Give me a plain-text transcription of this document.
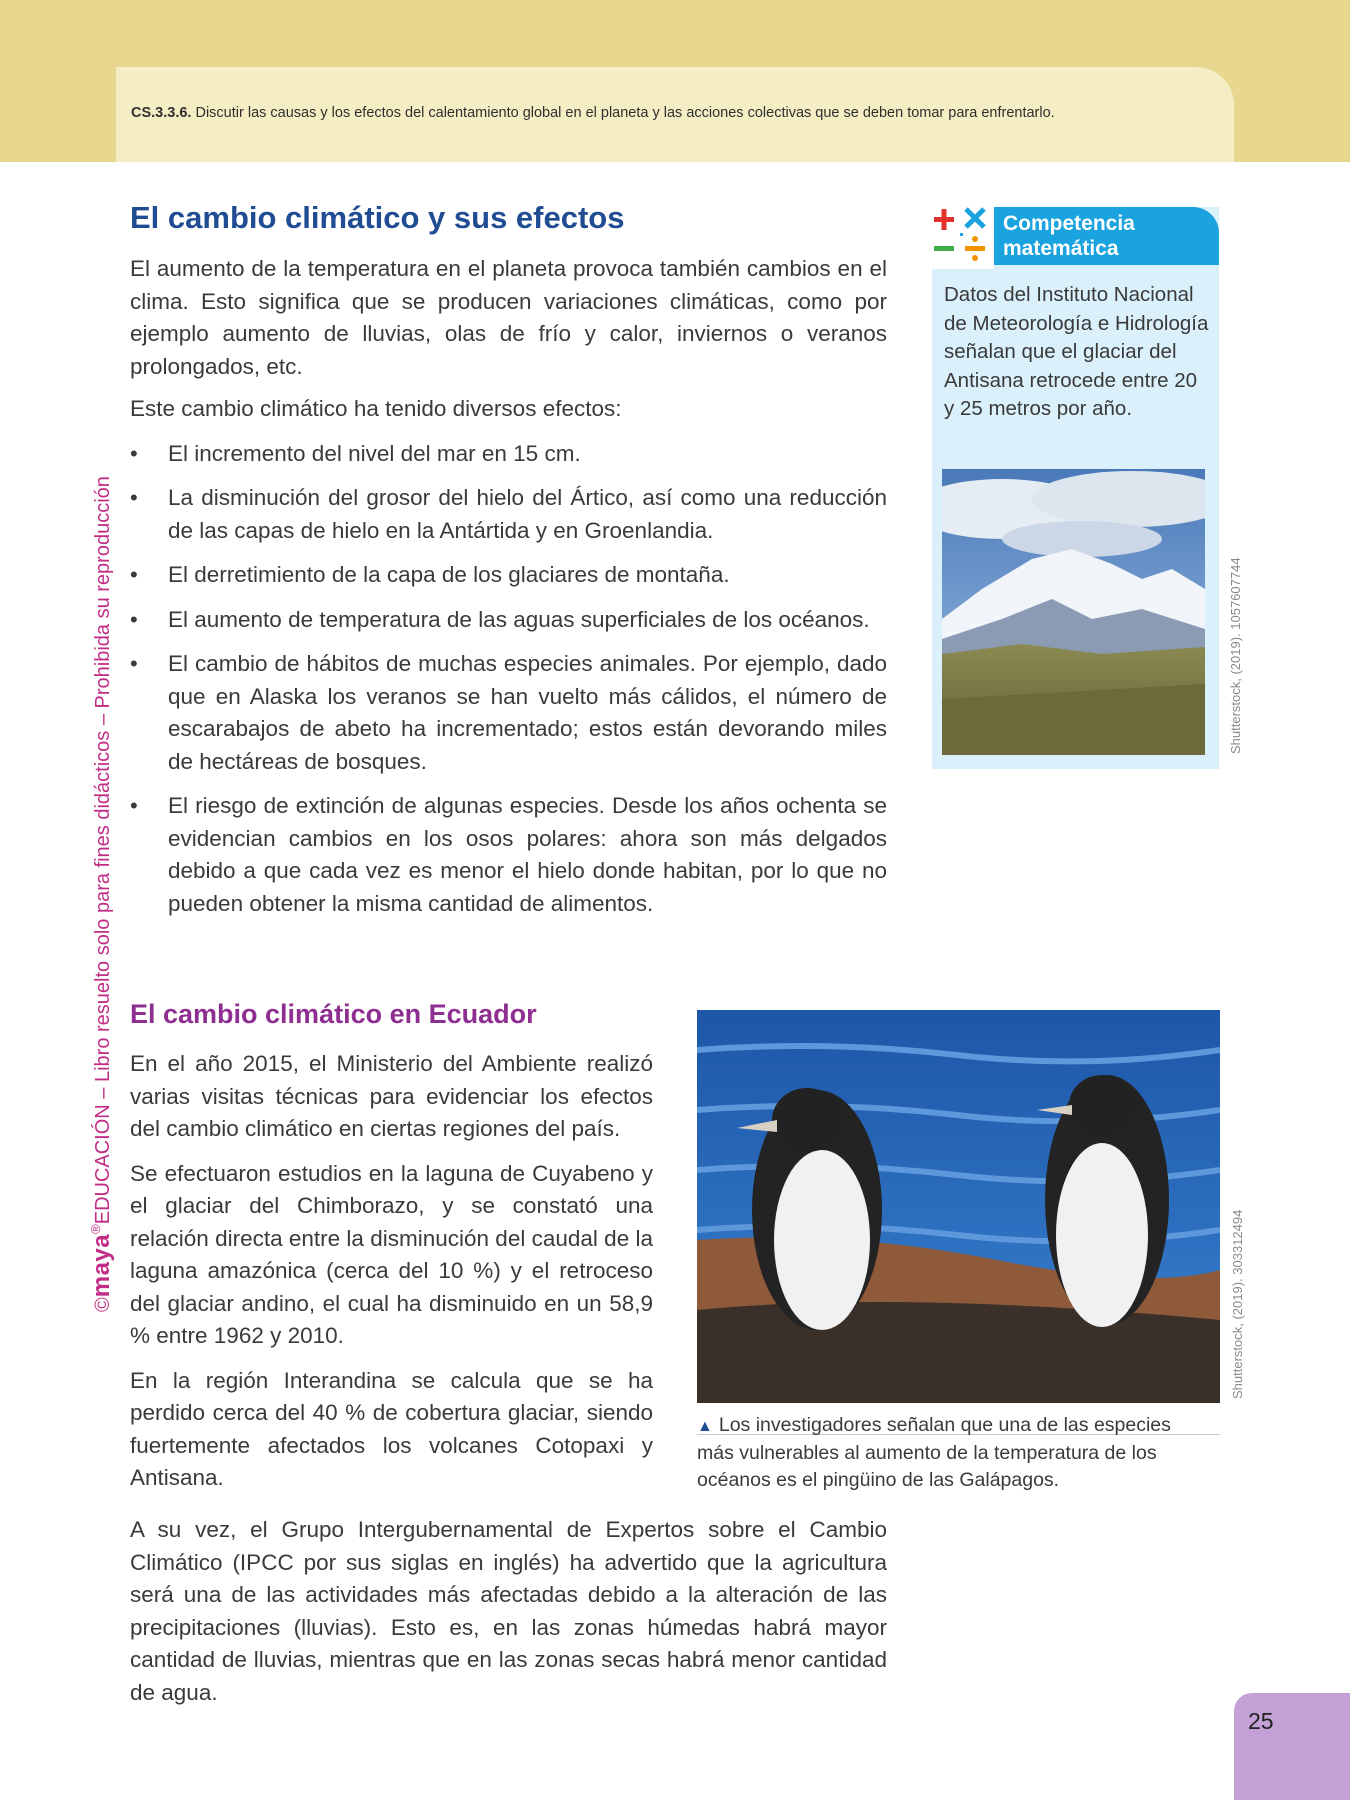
CS.3.3.6. Discutir las causas y los efectos del calentamiento global en el planeta y las acciones colectivas que se deben tomar para enfrentarlo.
©maya®EDUCACIÓN – Libro resuelto solo para fines didácticos – Prohibida su reproducción
El cambio climático y sus efectos

El aumento de la temperatura en el planeta provoca también cambios en el clima. Esto significa que se producen variaciones climáticas, como por ejemplo aumento de lluvias, olas de frío y calor, inviernos o veranos prolongados, etc.

Este cambio climático ha tenido diversos efectos:

• El incremento del nivel del mar en 15 cm.
• La disminución del grosor del hielo del Ártico, así como una reducción de las capas de hielo en la Antártida y en Groenlandia.
• El derretimiento de la capa de los glaciares de montaña.
• El aumento de temperatura de las aguas superficiales de los océanos.
• El cambio de hábitos de muchas especies animales. Por ejemplo, dado que en Alaska los veranos se han vuelto más cálidos, el número de escarabajos de abeto ha incrementado; estos están devorando miles de hectáreas de bosques.
• El riesgo de extinción de algunas especies. Desde los años ochenta se evidencian cambios en los osos polares: ahora son más delgados debido a que cada vez es menor el hielo donde habitan, por lo que no pueden obtener la misma cantidad de alimentos.
Competencia
matemática

Datos del Instituto Nacional de Meteorología e Hidrología señalan que el glaciar del Antisana retrocede entre 20 y 25 metros por año.

Shutterstock, (2019). 1057607744
El cambio climático en Ecuador

En el año 2015, el Ministerio del Ambiente realizó varias visitas técnicas para evidenciar los efectos del cambio climático en ciertas regiones del país.

Se efectuaron estudios en la laguna de Cuyabeno y el glaciar del Chimborazo, y se constató una relación directa entre la disminución del caudal de la laguna amazónica (cerca del 10 %) y el retroceso del glaciar andino, el cual ha disminuido en un 58,9 % entre 1962 y 2010.

En la región Interandina se calcula que se ha perdido cerca del 40 % de cobertura glaciar, siendo fuertemente afectados los volcanes Cotopaxi y Antisana.

Shutterstock, (2019). 303312494

▲ Los investigadores señalan que una de las especies más vulnerables al aumento de la temperatura de los océanos es el pingüino de las Galápagos.

A su vez, el Grupo Intergubernamental de Expertos sobre el Cambio Climático (IPCC por sus siglas en inglés) ha advertido que la agricultura será una de las actividades más afectadas debido a la alteración de las precipitaciones (lluvias). Esto es, en las zonas húmedas habrá mayor cantidad de lluvias, mientras que en las zonas secas habrá menor cantidad de agua.

25
